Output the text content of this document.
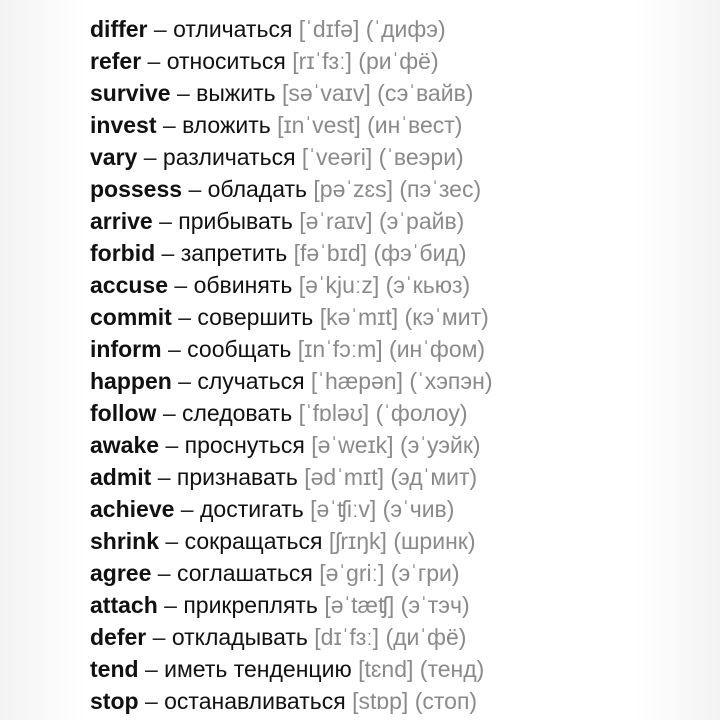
differ – отличаться [ˈdɪfə] (ˈдифэ)
refer – относиться [rɪˈfɜː] (риˈфё)
survive – выжить [səˈvaɪv] (сэˈвайв)
invest – вложить [ɪnˈvest] (инˈвест)
vary – различаться [ˈveəri] (ˈвеэри)
possess – обладать [pəˈzɛs] (пэˈзес)
arrive – прибывать [əˈraɪv] (эˈрайв)
forbid – запретить [fəˈbɪd] (фэˈбид)
accuse – обвинять [əˈkjuːz] (эˈкьюз)
commit – совершить [kəˈmɪt] (кэˈмит)
inform – сообщать [ɪnˈfɔːm] (инˈфом)
happen – случаться [ˈhæpən] (ˈхэпэн)
follow – следовать [ˈfɒləʊ] (ˈфолоу)
awake – проснуться [əˈweɪk] (эˈуэйк)
admit – признавать [ədˈmɪt] (эдˈмит)
achieve – достигать [əˈʧiːv] (эˈчив)
shrink – сокращаться [ʃrɪŋk] (шринк)
agree – соглашаться [əˈgriː] (эˈгри)
attach – прикреплять [əˈtæʧ] (эˈтэч)
defer – откладывать [dɪˈfɜː] (диˈфё)
tend – иметь тенденцию [tɛnd] (тенд)
stop – останавливаться [stɒp] (стоп)
